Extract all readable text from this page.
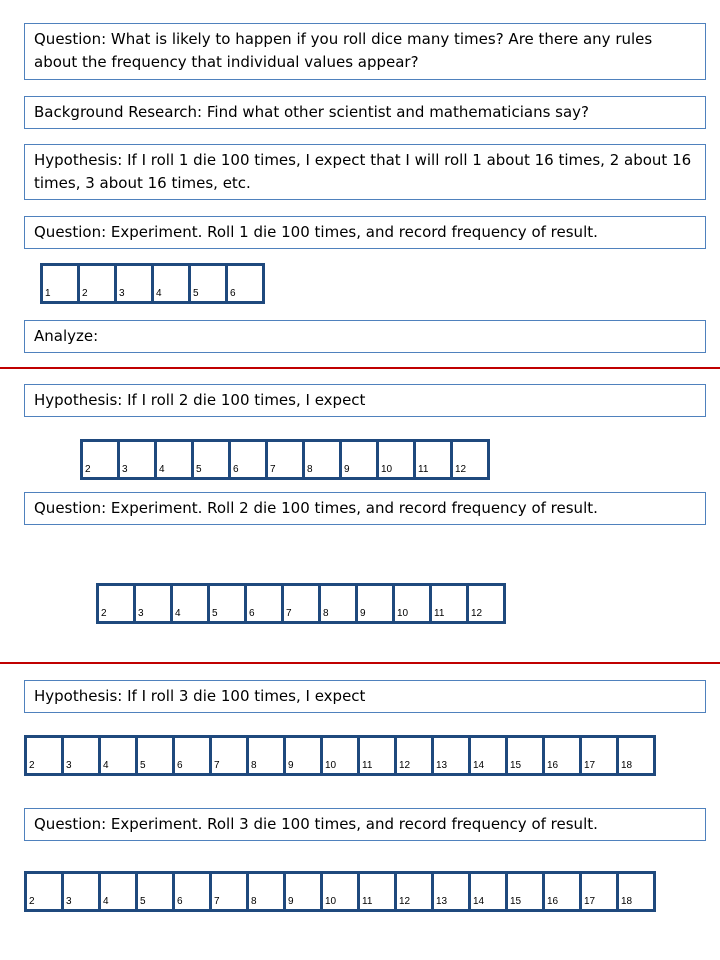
Question: What is likely to happen if you roll dice many times? Are there any rules about the frequency that individual values appear?
Background Research: Find what other scientist and mathematicians say?
Hypothesis: If I roll 1 die 100 times, I expect that I will roll 1 about 16 times, 2 about 16 times, 3 about 16 times, etc.
Question: Experiment. Roll 1 die 100 times, and record frequency of result.
1	2	3	4	5	6
Analyze:
Hypothesis: If I roll 2 die 100 times, I expect
2	3	4	5	6	7	8	9	10	11	12
Question: Experiment. Roll 2 die 100 times, and record frequency of result.
2	3	4	5	6	7	8	9	10	11	12
Hypothesis: If I roll 3 die 100 times, I expect
2	3	4	5	6	7	8	9	10	11	12	13	14	15	16	17	18
Question: Experiment. Roll 3 die 100 times, and record frequency of result.
2	3	4	5	6	7	8	9	10	11	12	13	14	15	16	17	18
